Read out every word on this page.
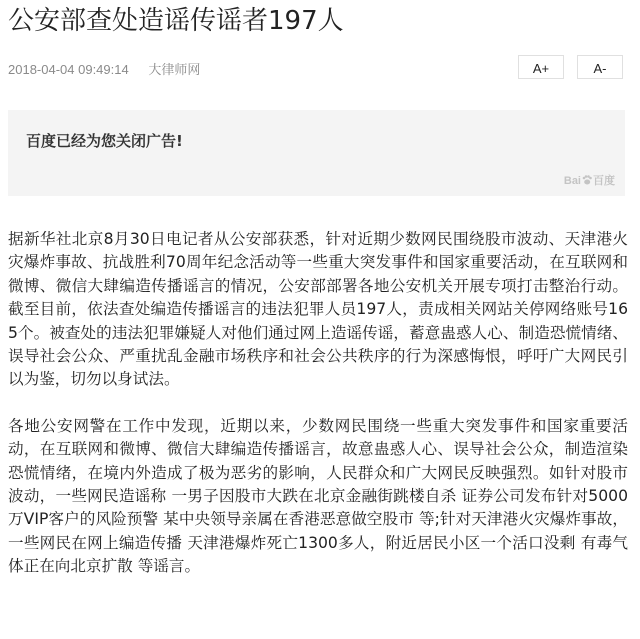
公安部查处造谣传谣者197人
2018-04-04 09:49:14 大律师网	A+	A-
百度已经为您关闭广告!
Bai 百度

据新华社北京8月30日电记者从公安部获悉，针对近期少数网民围绕股市波动、天津港火灾爆炸事故、抗战胜利70周年纪念活动等一些重大突发事件和国家重要活动，在互联网和微博、微信大肆编造传播谣言的情况，公安部部署各地公安机关开展专项打击整治行动。截至目前，依法查处编造传播谣言的违法犯罪人员197人，责成相关网站关停网络账号165个。被查处的违法犯罪嫌疑人对他们通过网上造谣传谣，蓄意蛊惑人心、制造恐慌情绪、误导社会公众、严重扰乱金融市场秩序和社会公共秩序的行为深感悔恨，呼吁广大网民引以为鉴，切勿以身试法。

各地公安网警在工作中发现，近期以来，少数网民围绕一些重大突发事件和国家重要活动，在互联网和微博、微信大肆编造传播谣言，故意蛊惑人心、误导社会公众，制造渲染恐慌情绪，在境内外造成了极为恶劣的影响，人民群众和广大网民反映强烈。如针对股市波动，一些网民造谣称 一男子因股市大跌在北京金融街跳楼自杀 证券公司发布针对5000万VIP客户的风险预警 某中央领导亲属在香港恶意做空股市 等;针对天津港火灾爆炸事故，一些网民在网上编造传播 天津港爆炸死亡1300多人，附近居民小区一个活口没剩 有毒气体正在向北京扩散 等谣言。
